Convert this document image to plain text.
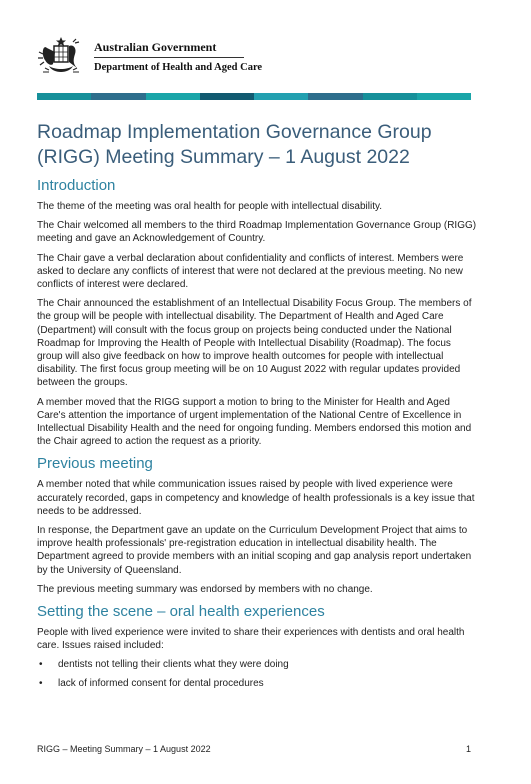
Australian Government
Department of Health and Aged Care
Roadmap Implementation Governance Group (RIGG) Meeting Summary – 1 August 2022
Introduction

The theme of the meeting was oral health for people with intellectual disability.

The Chair welcomed all members to the third Roadmap Implementation Governance Group (RIGG) meeting and gave an Acknowledgement of Country.

The Chair gave a verbal declaration about confidentiality and conflicts of interest. Members were asked to declare any conflicts of interest that were not declared at the previous meeting. No new conflicts of interest were declared.

The Chair announced the establishment of an Intellectual Disability Focus Group. The members of the group will be people with intellectual disability. The Department of Health and Aged Care (Department) will consult with the focus group on projects being conducted under the National Roadmap for Improving the Health of People with Intellectual Disability (Roadmap). The focus group will also give feedback on how to improve health outcomes for people with intellectual disability. The first focus group meeting will be on 10 August 2022 with regular updates provided between the groups.

A member moved that the RIGG support a motion to bring to the Minister for Health and Aged Care's attention the importance of urgent implementation of the National Centre of Excellence in Intellectual Disability Health and the need for ongoing funding. Members endorsed this motion and the Chair agreed to action the request as a priority.

Previous meeting

A member noted that while communication issues raised by people with lived experience were accurately recorded, gaps in competency and knowledge of health professionals is a key issue that needs to be addressed.

In response, the Department gave an update on the Curriculum Development Project that aims to improve health professionals' pre-registration education in intellectual disability health. The Department agreed to provide members with an initial scoping and gap analysis report undertaken by the University of Queensland.

The previous meeting summary was endorsed by members with no change.

Setting the scene – oral health experiences

People with lived experience were invited to share their experiences with dentists and oral health care. Issues raised included:

• dentists not telling their clients what they were doing
• lack of informed consent for dental procedures
RIGG – Meeting Summary – 1 August 2022	1
